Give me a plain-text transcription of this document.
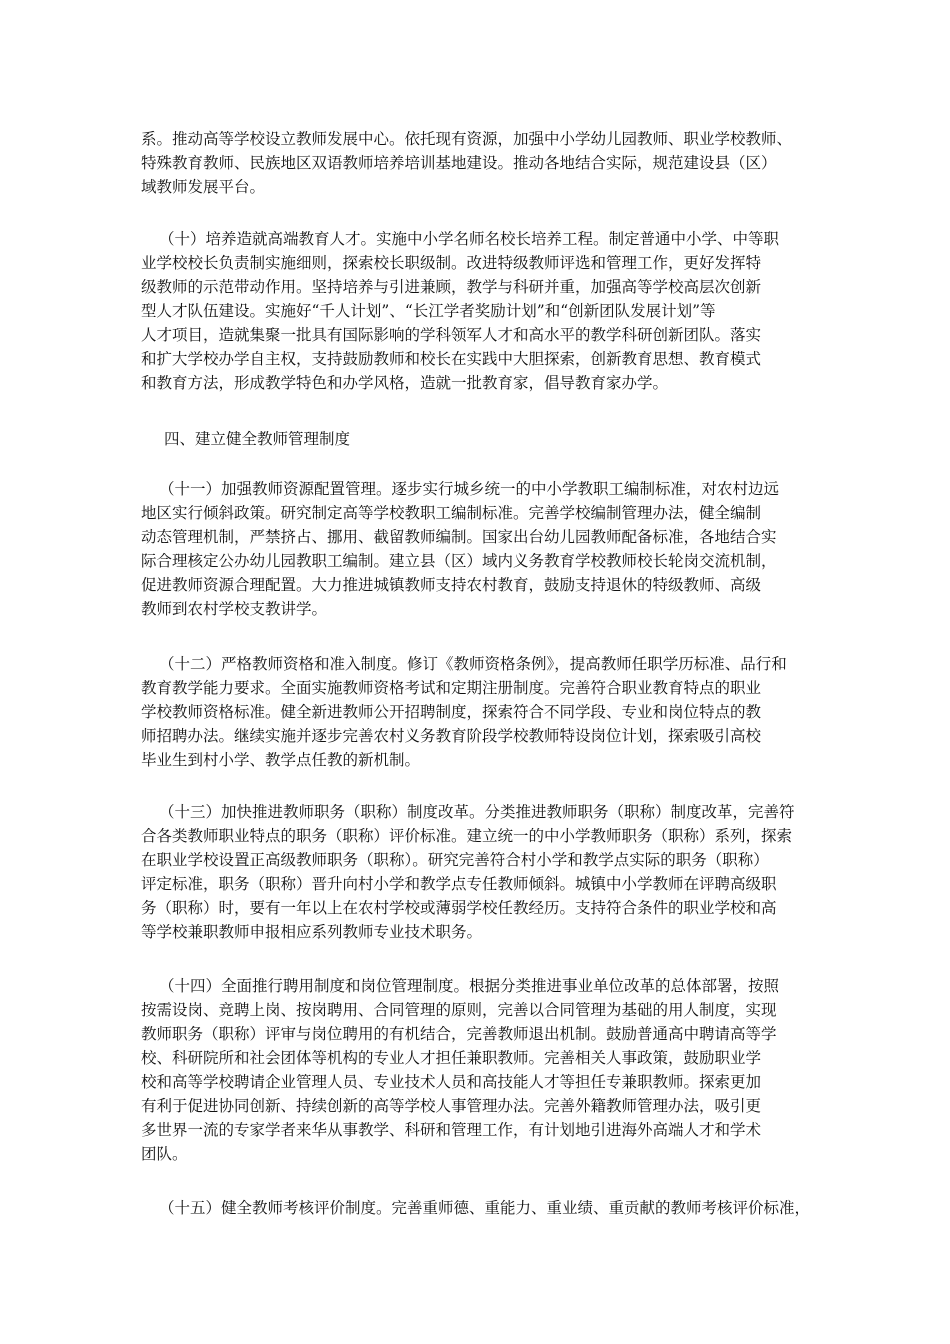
系。推动高等学校设立教师发展中心。依托现有资源，加强中小学幼儿园教师、职业学校教师、
特殊教育教师、民族地区双语教师培养培训基地建设。推动各地结合实际，规范建设县（区）
域教师发展平台。
（十）培养造就高端教育人才。实施中小学名师名校长培养工程。制定普通中小学、中等职
业学校校长负责制实施细则，探索校长职级制。改进特级教师评选和管理工作，更好发挥特
级教师的示范带动作用。坚持培养与引进兼顾，教学与科研并重，加强高等学校高层次创新
型人才队伍建设。实施好“千人计划”、“长江学者奖励计划”和“创新团队发展计划”等
人才项目，造就集聚一批具有国际影响的学科领军人才和高水平的教学科研创新团队。落实
和扩大学校办学自主权，支持鼓励教师和校长在实践中大胆探索，创新教育思想、教育模式
和教育方法，形成教学特色和办学风格，造就一批教育家，倡导教育家办学。
四、建立健全教师管理制度
（十一）加强教师资源配置管理。逐步实行城乡统一的中小学教职工编制标准，对农村边远
地区实行倾斜政策。研究制定高等学校教职工编制标准。完善学校编制管理办法，健全编制
动态管理机制，严禁挤占、挪用、截留教师编制。国家出台幼儿园教师配备标准，各地结合实
际合理核定公办幼儿园教职工编制。建立县（区）域内义务教育学校教师校长轮岗交流机制，
促进教师资源合理配置。大力推进城镇教师支持农村教育，鼓励支持退休的特级教师、高级
教师到农村学校支教讲学。
（十二）严格教师资格和准入制度。修订《教师资格条例》，提高教师任职学历标准、品行和
教育教学能力要求。全面实施教师资格考试和定期注册制度。完善符合职业教育特点的职业
学校教师资格标准。健全新进教师公开招聘制度，探索符合不同学段、专业和岗位特点的教
师招聘办法。继续实施并逐步完善农村义务教育阶段学校教师特设岗位计划，探索吸引高校
毕业生到村小学、教学点任教的新机制。
（十三）加快推进教师职务（职称）制度改革。分类推进教师职务（职称）制度改革，完善符
合各类教师职业特点的职务（职称）评价标准。建立统一的中小学教师职务（职称）系列，探索
在职业学校设置正高级教师职务（职称）。研究完善符合村小学和教学点实际的职务（职称）
评定标准，职务（职称）晋升向村小学和教学点专任教师倾斜。城镇中小学教师在评聘高级职
务（职称）时，要有一年以上在农村学校或薄弱学校任教经历。支持符合条件的职业学校和高
等学校兼职教师申报相应系列教师专业技术职务。
（十四）全面推行聘用制度和岗位管理制度。根据分类推进事业单位改革的总体部署，按照
按需设岗、竞聘上岗、按岗聘用、合同管理的原则，完善以合同管理为基础的用人制度，实现
教师职务（职称）评审与岗位聘用的有机结合，完善教师退出机制。鼓励普通高中聘请高等学
校、科研院所和社会团体等机构的专业人才担任兼职教师。完善相关人事政策，鼓励职业学
校和高等学校聘请企业管理人员、专业技术人员和高技能人才等担任专兼职教师。探索更加
有利于促进协同创新、持续创新的高等学校人事管理办法。完善外籍教师管理办法，吸引更
多世界一流的专家学者来华从事教学、科研和管理工作，有计划地引进海外高端人才和学术
团队。
（十五）健全教师考核评价制度。完善重师德、重能力、重业绩、重贡献的教师考核评价标准，
